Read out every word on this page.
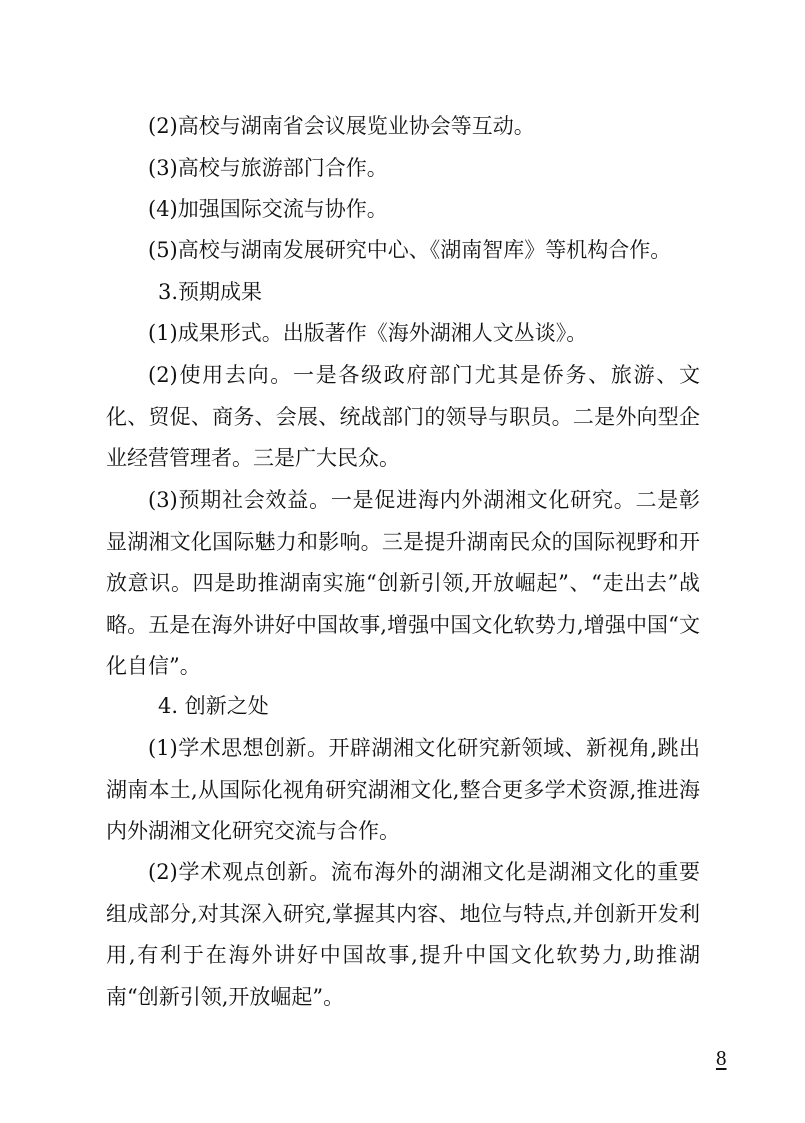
(2)高校与湖南省会议展览业协会等互动。

(3)高校与旅游部门合作。

(4)加强国际交流与协作。

(5)高校与湖南发展研究中心、《湖南智库》等机构合作。

3.预期成果

(1)成果形式。出版著作《海外湖湘人文丛谈》。

(2)使用去向。一是各级政府部门尤其是侨务、旅游、文化、贸促、商务、会展、统战部门的领导与职员。二是外向型企业经营管理者。三是广大民众。

(3)预期社会效益。一是促进海内外湖湘文化研究。二是彰显湖湘文化国际魅力和影响。三是提升湖南民众的国际视野和开放意识。四是助推湖南实施“创新引领,开放崛起”、“走出去”战略。五是在海外讲好中国故事,增强中国文化软势力,增强中国“文化自信”。

4. 创新之处

(1)学术思想创新。开辟湖湘文化研究新领域、新视角,跳出湖南本土,从国际化视角研究湖湘文化,整合更多学术资源,推进海内外湖湘文化研究交流与合作。

(2)学术观点创新。流布海外的湖湘文化是湖湘文化的重要组成部分,对其深入研究,掌握其内容、地位与特点,并创新开发利用,有利于在海外讲好中国故事,提升中国文化软势力,助推湖南“创新引领,开放崛起”。

8
